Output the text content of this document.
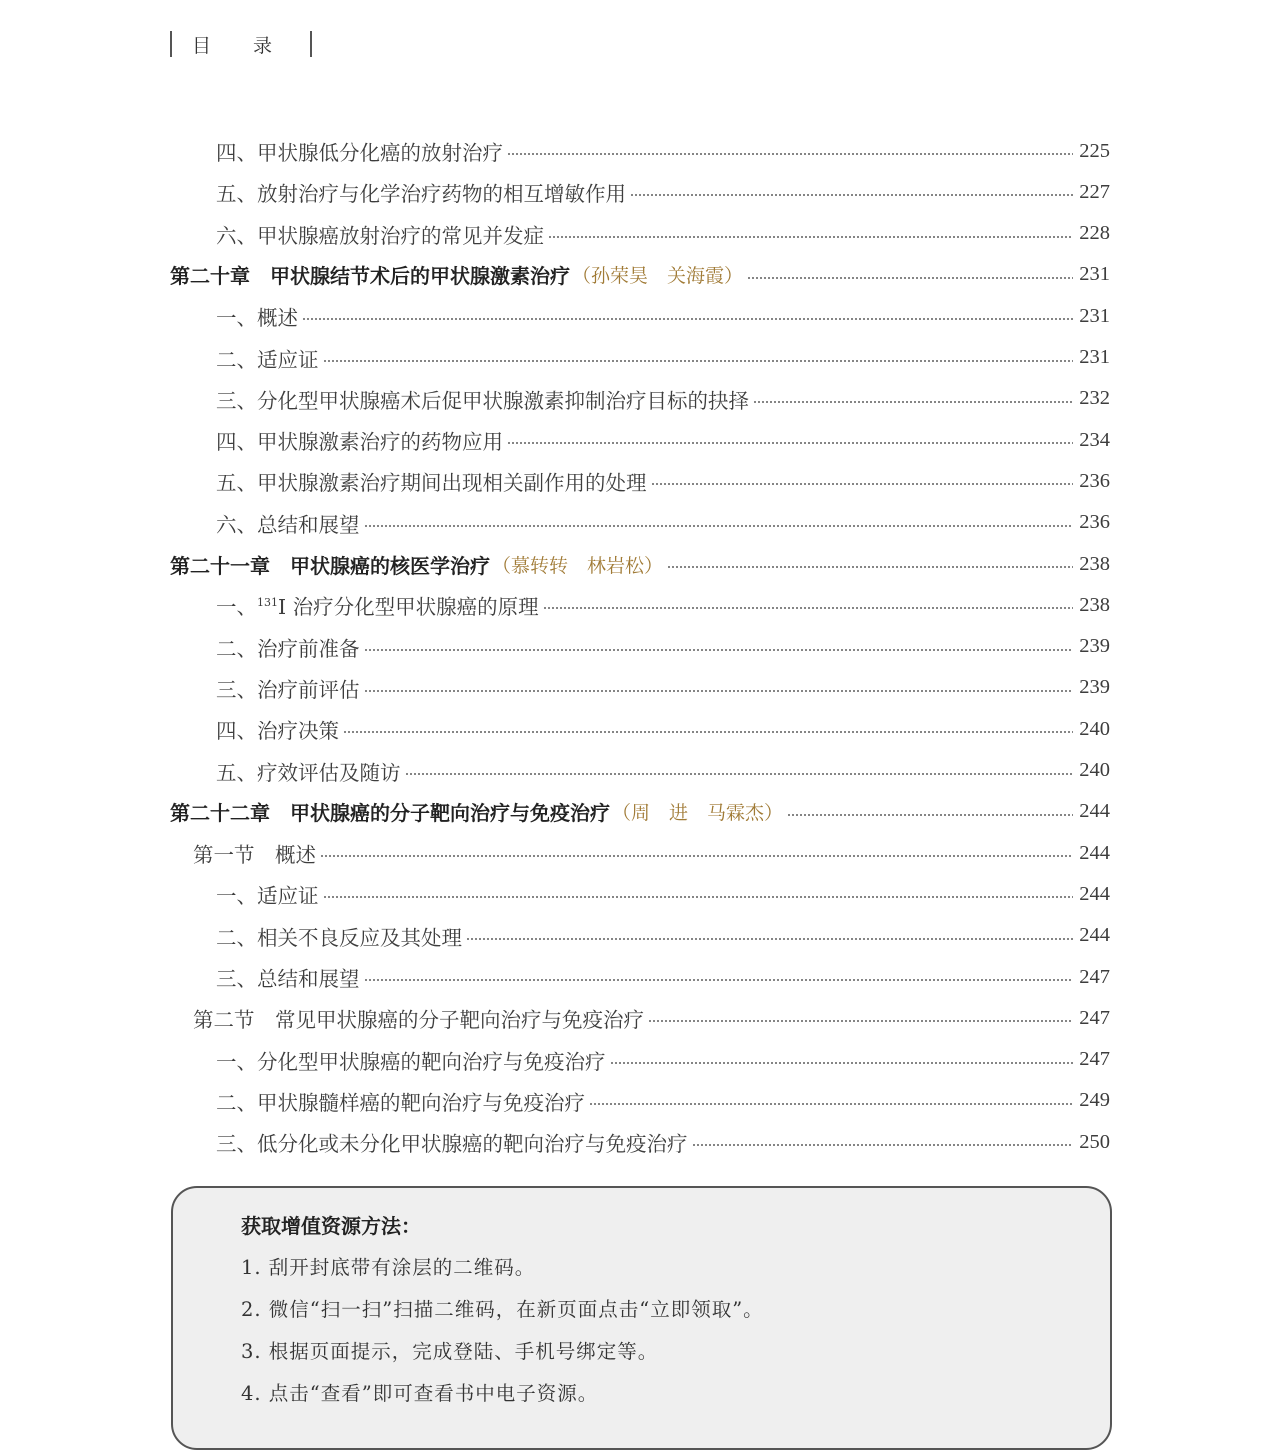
目 录
四、甲状腺低分化癌的放射治疗	225
五、放射治疗与化学治疗药物的相互增敏作用	227
六、甲状腺癌放射治疗的常见并发症	228
第二十章　甲状腺结节术后的甲状腺激素治疗 （孙荣昊　关海霞）	231
一、概述	231
二、适应证	231
三、分化型甲状腺癌术后促甲状腺激素抑制治疗目标的抉择	232
四、甲状腺激素治疗的药物应用	234
五、甲状腺激素治疗期间出现相关副作用的处理	236
六、总结和展望	236
第二十一章　甲状腺癌的核医学治疗 （慕转转　林岩松）	238
一、$^{131}$I 治疗分化型甲状腺癌的原理	238
二、治疗前准备	239
三、治疗前评估	239
四、治疗决策	240
五、疗效评估及随访	240
第二十二章　甲状腺癌的分子靶向治疗与免疫治疗 （周　进　马霖杰）	244
第一节　概述	244
一、适应证	244
二、相关不良反应及其处理	244
三、总结和展望	247
第二节　常见甲状腺癌的分子靶向治疗与免疫治疗	247
一、分化型甲状腺癌的靶向治疗与免疫治疗	247
二、甲状腺髓样癌的靶向治疗与免疫治疗	249
三、低分化或未分化甲状腺癌的靶向治疗与免疫治疗	250
获取增值资源方法：
1. 刮开封底带有涂层的二维码。
2. 微信“扫一扫”扫描二维码，在新页面点击“立即领取”。
3. 根据页面提示，完成登陆、手机号绑定等。
4. 点击“查看”即可查看书中电子资源。
